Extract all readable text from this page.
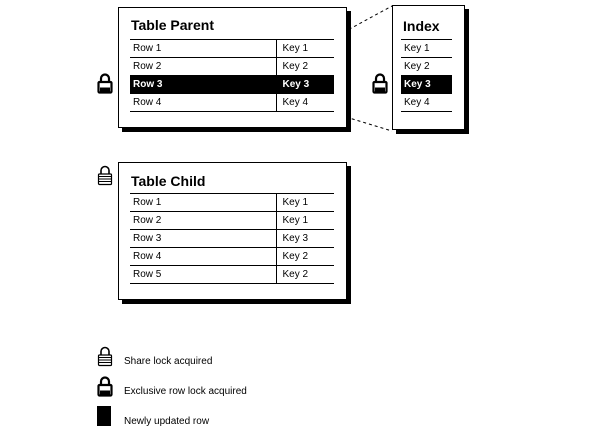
Table Parent
Row 1	Key 1
Row 2	Key 2
Row 3	Key 3
Row 4	Key 4
Index
Key 1
Key 2
Key 3
Key 4
Table Child
Row 1	Key 1
Row 2	Key 1
Row 3	Key 3
Row 4	Key 2
Row 5	Key 2
Share lock acquired
Exclusive row lock acquired
Newly updated row
